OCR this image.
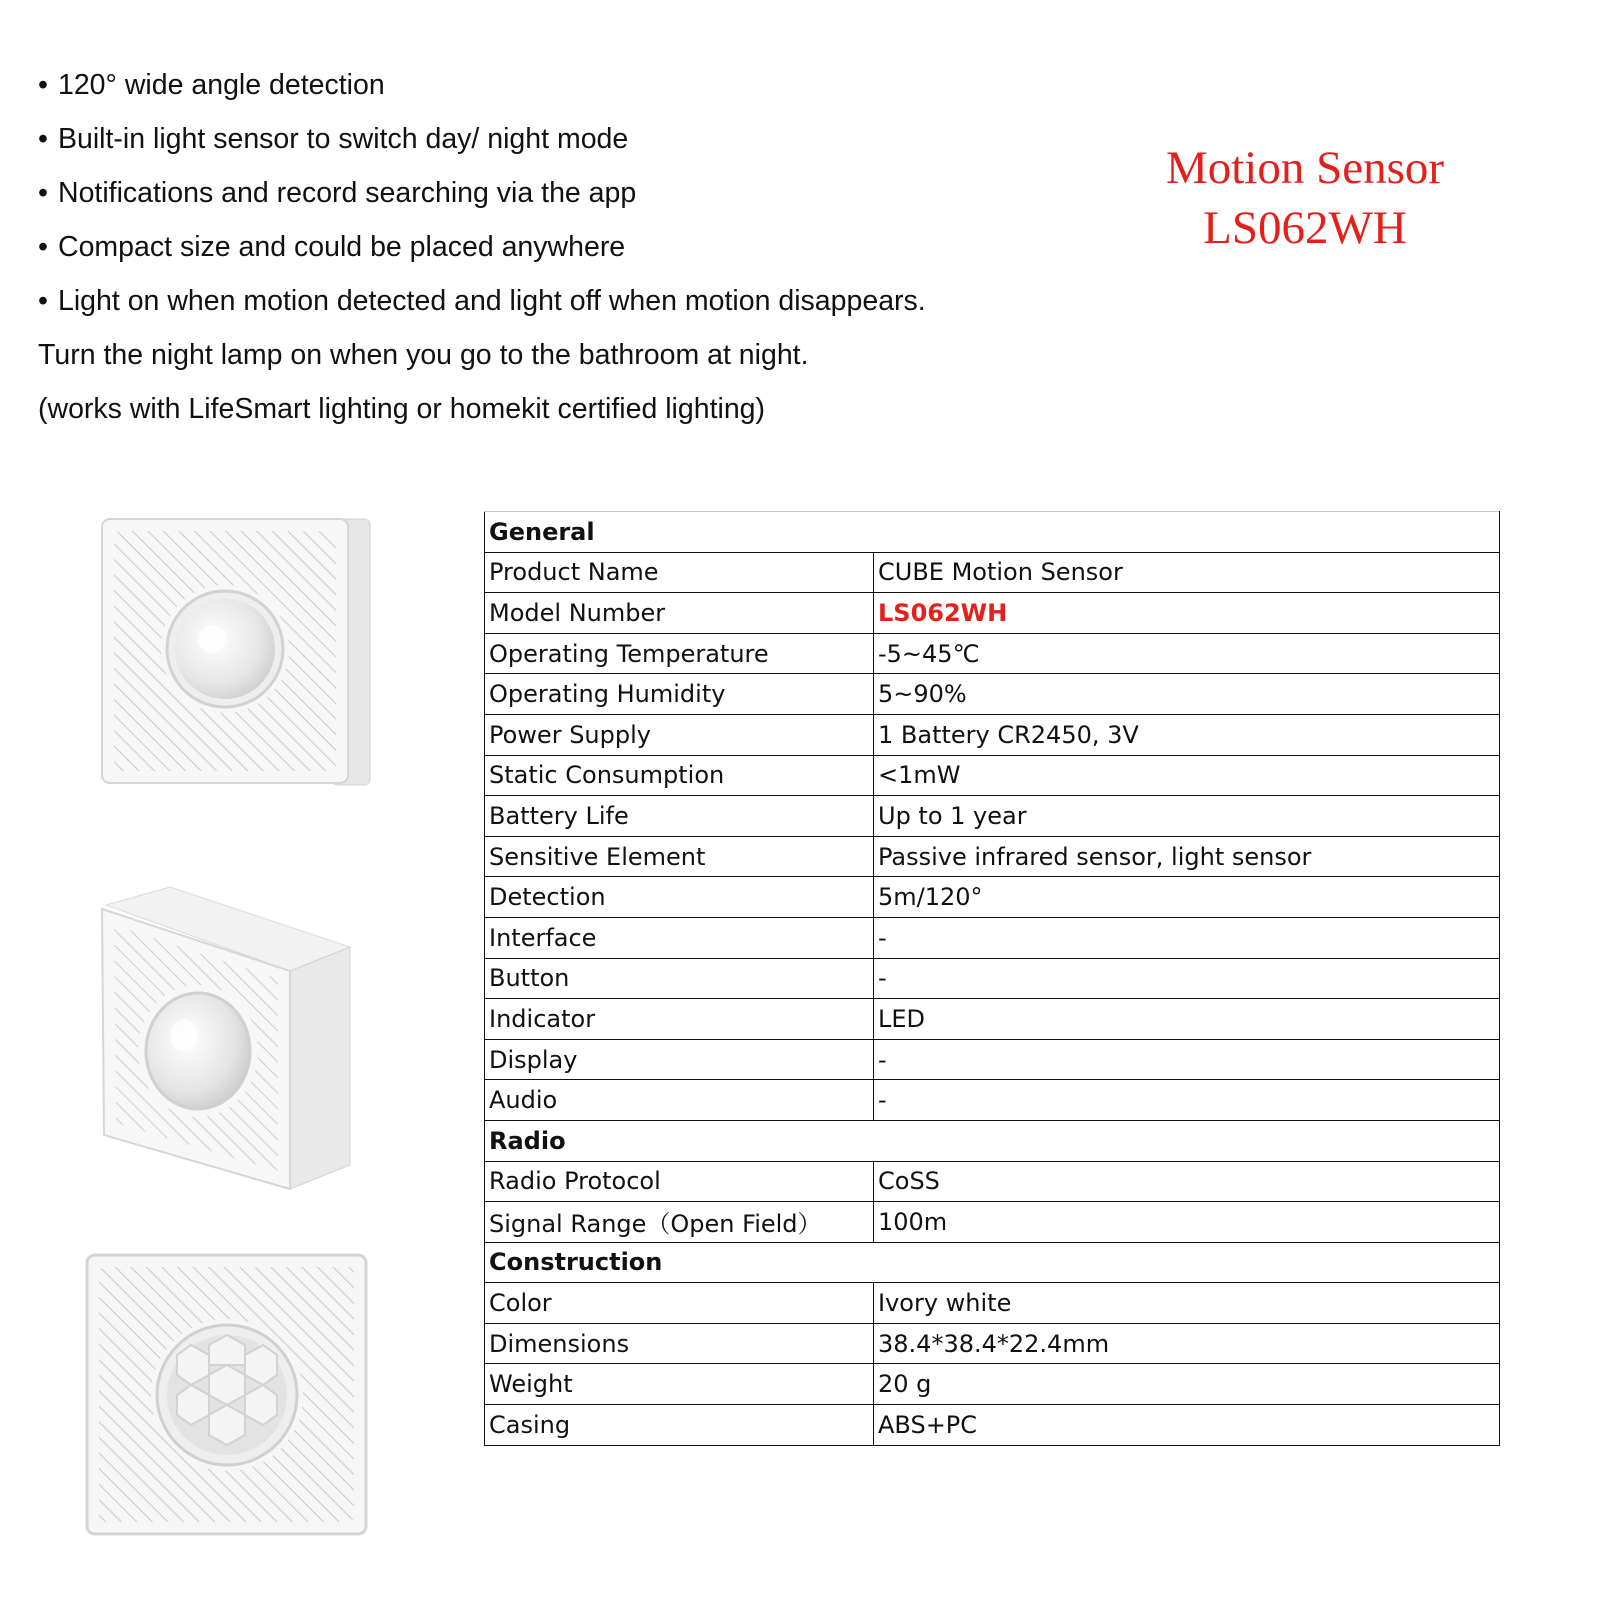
• 120° wide angle detection
• Built-in light sensor to switch day/ night mode
• Notifications and record searching via the app
• Compact size and could be placed anywhere
• Light on when motion detected and light off when motion disappears.
Turn the night lamp on when you go to the bathroom at night.
(works with LifeSmart lighting or homekit certified lighting)
Motion Sensor
LS062WH
General	
Product Name	CUBE Motion Sensor
Model Number	LS062WH
Operating Temperature	-5~45℃
Operating Humidity	5~90%
Power Supply	1 Battery CR2450, 3V
Static Consumption	<1mW
Battery Life	Up to 1 year
Sensitive Element	Passive infrared sensor, light sensor
Detection	5m/120°
Interface	-
Button	-
Indicator	LED
Display	-
Audio	-
Radio	
Radio Protocol	CoSS
Signal Range（Open Field）	100m
Construction	
Color	Ivory white
Dimensions	38.4*38.4*22.4mm
Weight	20 g
Casing	ABS+PC
